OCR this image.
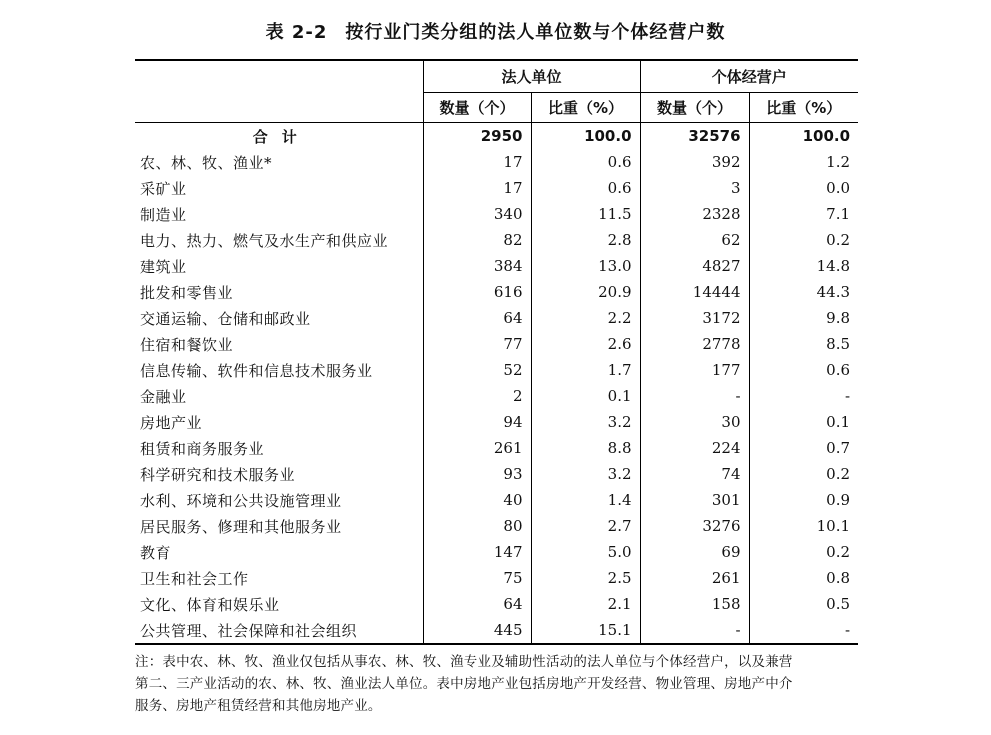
表 2-2 按行业门类分组的法人单位数与个体经营户数
	法人单位		个体经营户	
	数量（个）	比重（%）	数量（个）	比重（%）
合计	2950	100.0	32576	100.0
农、林、牧、渔业*	17	0.6	392	1.2
采矿业	17	0.6	3	0.0
制造业	340	11.5	2328	7.1
电力、热力、燃气及水生产和供应业	82	2.8	62	0.2
建筑业	384	13.0	4827	14.8
批发和零售业	616	20.9	14444	44.3
交通运输、仓储和邮政业	64	2.2	3172	9.8
住宿和餐饮业	77	2.6	2778	8.5
信息传输、软件和信息技术服务业	52	1.7	177	0.6
金融业	2	0.1	-	-
房地产业	94	3.2	30	0.1
租赁和商务服务业	261	8.8	224	0.7
科学研究和技术服务业	93	3.2	74	0.2
水利、环境和公共设施管理业	40	1.4	301	0.9
居民服务、修理和其他服务业	80	2.7	3276	10.1
教育	147	5.0	69	0.2
卫生和社会工作	75	2.5	261	0.8
文化、体育和娱乐业	64	2.1	158	0.5
公共管理、社会保障和社会组织	445	15.1	-	-
注：表中农、林、牧、渔业仅包括从事农、林、牧、渔专业及辅助性活动的法人单位与个体经营户，以及兼营
第二、三产业活动的农、林、牧、渔业法人单位。表中房地产业包括房地产开发经营、物业管理、房地产中介
服务、房地产租赁经营和其他房地产业。
